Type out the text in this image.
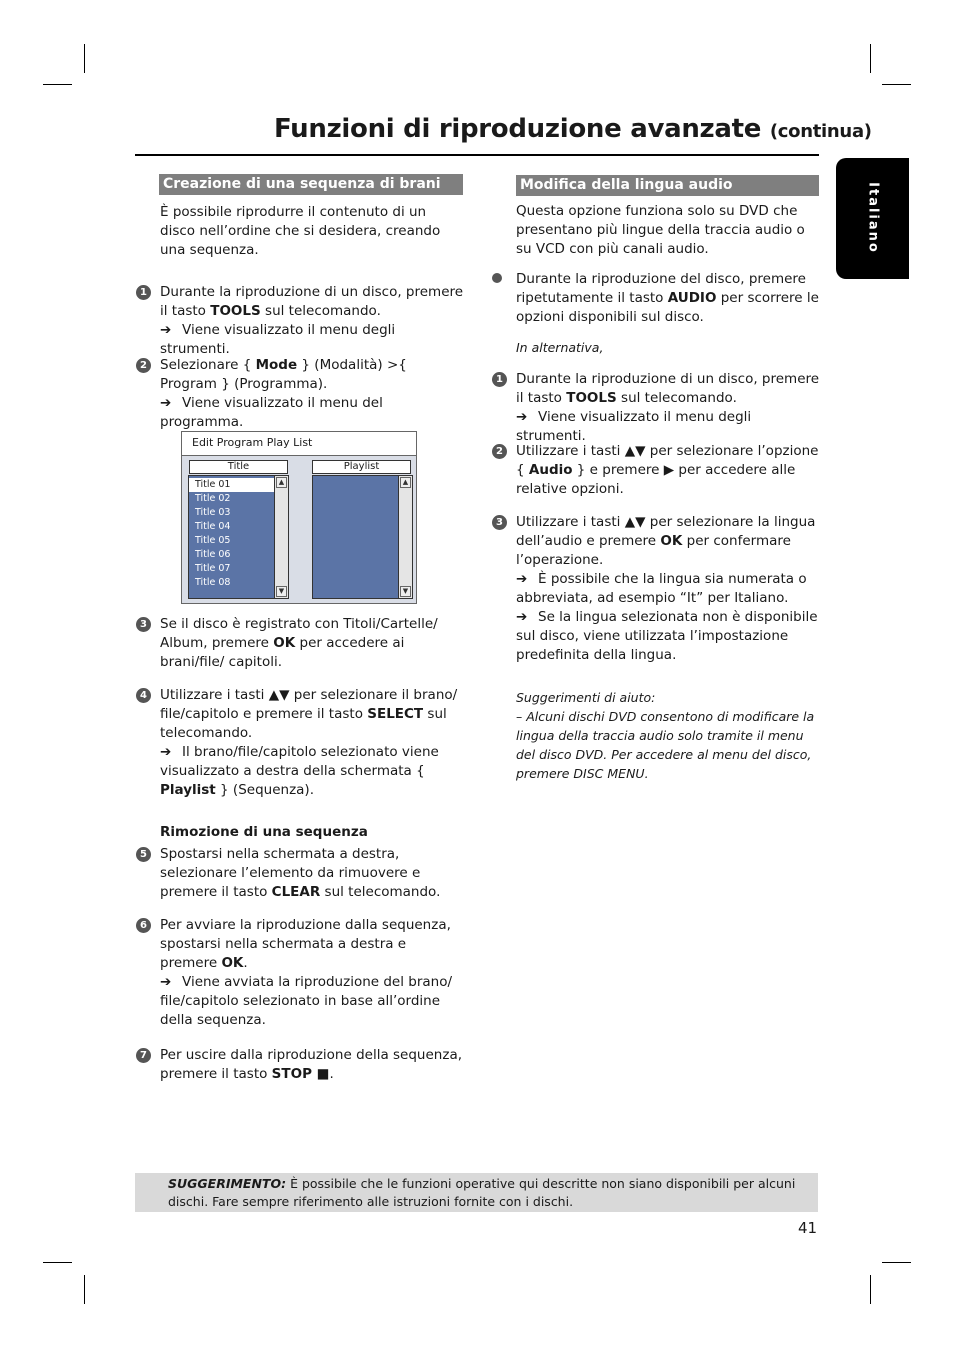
Funzioni di riproduzione avanzate (continua)
Italiano
Creazione di una sequenza di brani
È possibile riprodurre il contenuto di un disco nell’ordine che si desidera, creando una sequenza.
1 Durante la riproduzione di un disco, premere il tasto TOOLS sul telecomando.
➔ Viene visualizzato il menu degli strumenti.
2 Selezionare { Mode } (Modalità) >{ Program } (Programma).
➔ Viene visualizzato il menu del programma.
Edit Program Play List
Title	Playlist
Title 01
Title 02
Title 03
Title 04
Title 05
Title 06
Title 07
Title 08
▲
▼
▲
▼
3 Se il disco è registrato con Titoli/Cartelle/ Album, premere OK per accedere ai brani/file/ capitoli.
4 Utilizzare i tasti ▲▼ per selezionare il brano/ file/capitolo e premere il tasto SELECT sul telecomando.
➔ Il brano/file/capitolo selezionato viene visualizzato a destra della schermata { Playlist } (Sequenza).
Rimozione di una sequenza
5 Spostarsi nella schermata a destra, selezionare l’elemento da rimuovere e premere il tasto CLEAR sul telecomando.
6 Per avviare la riproduzione dalla sequenza, spostarsi nella schermata a destra e premere OK.
➔ Viene avviata la riproduzione del brano/ file/capitolo selezionato in base all’ordine della sequenza.
7 Per uscire dalla riproduzione della sequenza, premere il tasto STOP ■.
Modifica della lingua audio
Questa opzione funziona solo su DVD che presentano più lingue della traccia audio o su VCD con più canali audio.
Durante la riproduzione del disco, premere ripetutamente il tasto AUDIO per scorrere le opzioni disponibili sul disco.
In alternativa,
1 Durante la riproduzione di un disco, premere il tasto TOOLS sul telecomando.
➔ Viene visualizzato il menu degli strumenti.
2 Utilizzare i tasti ▲▼ per selezionare l’opzione { Audio } e premere ▶ per accedere alle relative opzioni.
3 Utilizzare i tasti ▲▼ per selezionare la lingua dell’audio e premere OK per confermare l’operazione.
➔ È possibile che la lingua sia numerata o abbreviata, ad esempio “It” per Italiano.
➔ Se la lingua selezionata non è disponibile sul disco, viene utilizzata l’impostazione predefinita della lingua.

Suggerimenti di aiuto:

– Alcuni dischi DVD consentono di modificare la lingua della traccia audio solo tramite il menu del disco DVD. Per accedere al menu del disco, premere DISC MENU.

SUGGERIMENTO: È possibile che le funzioni operative qui descritte non siano disponibili per alcuni dischi. Fare sempre riferimento alle istruzioni fornite con i dischi.
41
